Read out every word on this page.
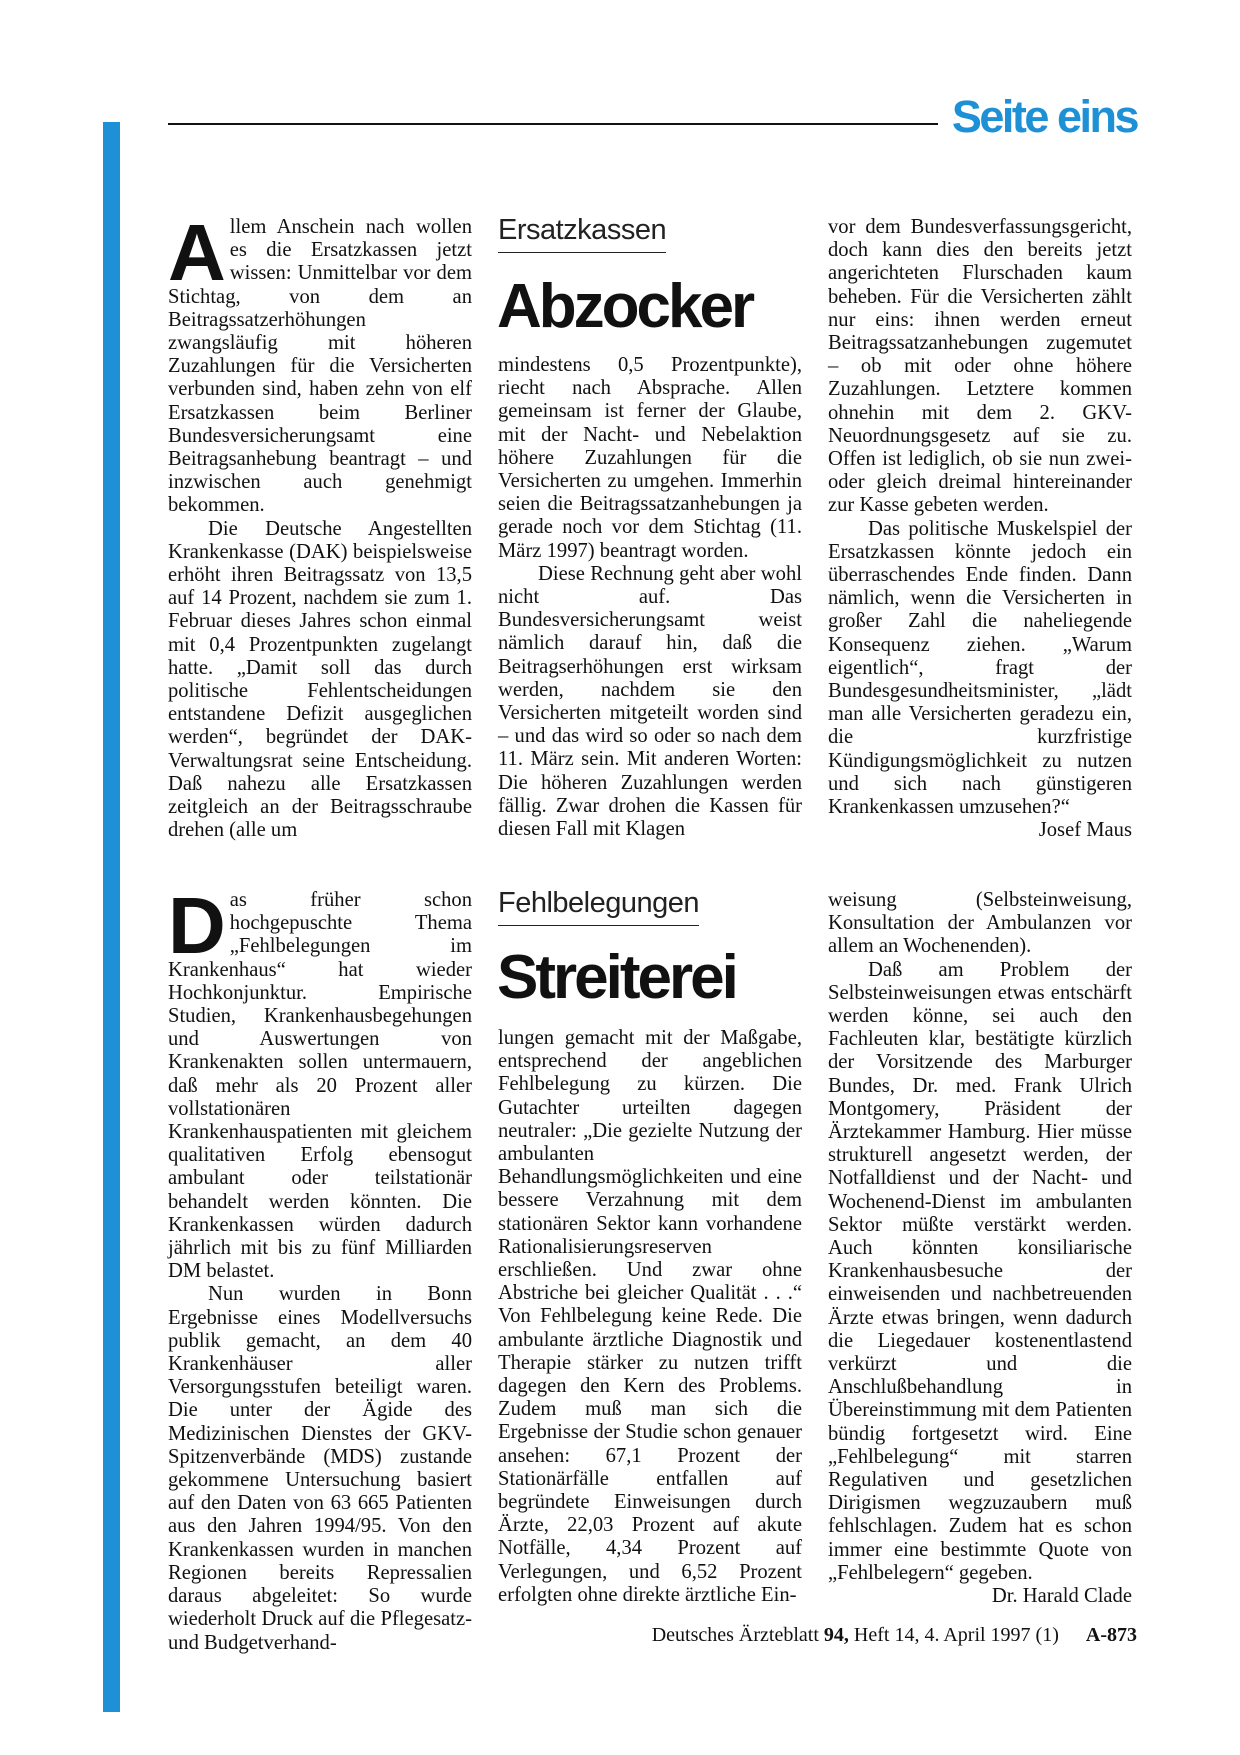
Seite eins
A llem Anschein nach wollen es die Ersatzkassen jetzt wissen: Unmittelbar vor dem Stichtag, von dem an Beitragssatzerhöhungen zwangsläufig mit höheren Zuzahlungen für die Versicherten verbunden sind, haben zehn von elf Ersatzkassen beim Berliner Bundesversicherungsamt eine Beitragsanhebung beantragt – und inzwischen auch genehmigt bekommen.

Die Deutsche Angestellten Krankenkasse (DAK) beispielsweise erhöht ihren Beitragssatz von 13,5 auf 14 Prozent, nachdem sie zum 1. Februar dieses Jahres schon einmal mit 0,4 Prozentpunkten zugelangt hatte. „Damit soll das durch politische Fehlentscheidungen entstandene Defizit ausgeglichen werden“, begründet der DAK-Verwaltungsrat seine Entscheidung. Daß nahezu alle Ersatzkassen zeitgleich an der Beitragsschraube drehen (alle um

Ersatzkassen
Abzocker

mindestens 0,5 Prozentpunkte), riecht nach Absprache. Allen gemeinsam ist ferner der Glaube, mit der Nacht- und Nebelaktion höhere Zuzahlungen für die Versicherten zu umgehen. Immerhin seien die Beitragssatzanhebungen ja gerade noch vor dem Stichtag (11. März 1997) beantragt worden.

Diese Rechnung geht aber wohl nicht auf. Das Bundesversicherungsamt weist nämlich darauf hin, daß die Beitragserhöhungen erst wirksam werden, nachdem sie den Versicherten mitgeteilt worden sind – und das wird so oder so nach dem 11. März sein. Mit anderen Worten: Die höheren Zuzahlungen werden fällig. Zwar drohen die Kassen für diesen Fall mit Klagen

vor dem Bundesverfassungsgericht, doch kann dies den bereits jetzt angerichteten Flurschaden kaum beheben. Für die Versicherten zählt nur eins: ihnen werden erneut Beitragssatzanhebungen zugemutet – ob mit oder ohne höhere Zuzahlungen. Letztere kommen ohnehin mit dem 2. GKV-Neuordnungsgesetz auf sie zu. Offen ist lediglich, ob sie nun zwei- oder gleich dreimal hintereinander zur Kasse gebeten werden.

Das politische Muskelspiel der Ersatzkassen könnte jedoch ein überraschendes Ende finden. Dann nämlich, wenn die Versicherten in großer Zahl die naheliegende Konsequenz ziehen. „Warum eigentlich“, fragt der Bundesgesundheitsminister, „lädt man alle Versicherten geradezu ein, die kurzfristige Kündigungsmöglichkeit zu nutzen und sich nach günstigeren Krankenkassen umzusehen?“

Josef Maus

D as früher schon hochgepuschte Thema „Fehlbelegungen im Krankenhaus“ hat wieder Hochkonjunktur. Empirische Studien, Krankenhausbegehungen und Auswertungen von Krankenakten sollen untermauern, daß mehr als 20 Prozent aller vollstationären Krankenhauspatienten mit gleichem qualitativen Erfolg ebensogut ambulant oder teilstationär behandelt werden könnten. Die Krankenkassen würden dadurch jährlich mit bis zu fünf Milliarden DM belastet.

Nun wurden in Bonn Ergebnisse eines Modellversuchs publik gemacht, an dem 40 Krankenhäuser aller Versorgungsstufen beteiligt waren. Die unter der Ägide des Medizinischen Dienstes der GKV-Spitzenverbände (MDS) zustande gekommene Untersuchung basiert auf den Daten von 63 665 Patienten aus den Jahren 1994/95. Von den Krankenkassen wurden in manchen Regionen bereits Repressalien daraus abgeleitet: So wurde wiederholt Druck auf die Pflegesatz- und Budgetverhand-

Fehlbelegungen
Streiterei

lungen gemacht mit der Maßgabe, entsprechend der angeblichen Fehlbelegung zu kürzen. Die Gutachter urteilten dagegen neutraler: „Die gezielte Nutzung der ambulanten Behandlungsmöglichkeiten und eine bessere Verzahnung mit dem stationären Sektor kann vorhandene Rationalisierungsreserven erschließen. Und zwar ohne Abstriche bei gleicher Qualität . . .“ Von Fehlbelegung keine Rede. Die ambulante ärztliche Diagnostik und Therapie stärker zu nutzen trifft dagegen den Kern des Problems. Zudem muß man sich die Ergebnisse der Studie schon genauer ansehen: 67,1 Prozent der Stationärfälle entfallen auf begründete Einweisungen durch Ärzte, 22,03 Prozent auf akute Notfälle, 4,34 Prozent auf Verlegungen, und 6,52 Prozent erfolgten ohne direkte ärztliche Ein-

weisung (Selbsteinweisung, Konsultation der Ambulanzen vor allem an Wochenenden).

Daß am Problem der Selbsteinweisungen etwas entschärft werden könne, sei auch den Fachleuten klar, bestätigte kürzlich der Vorsitzende des Marburger Bundes, Dr. med. Frank Ulrich Montgomery, Präsident der Ärztekammer Hamburg. Hier müsse strukturell angesetzt werden, der Notfalldienst und der Nacht- und Wochenend-Dienst im ambulanten Sektor müßte verstärkt werden. Auch könnten konsiliarische Krankenhausbesuche der einweisenden und nachbetreuenden Ärzte etwas bringen, wenn dadurch die Liegedauer kostenentlastend verkürzt und die Anschlußbehandlung in Übereinstimmung mit dem Patienten bündig fortgesetzt wird. Eine „Fehlbelegung“ mit starren Regulativen und gesetzlichen Dirigismen wegzuzaubern muß fehlschlagen. Zudem hat es schon immer eine bestimmte Quote von „Fehlbelegern“ gegeben.

Dr. Harald Clade

Deutsches Ärzteblatt 94, Heft 14, 4. April 1997 (1) A-873
